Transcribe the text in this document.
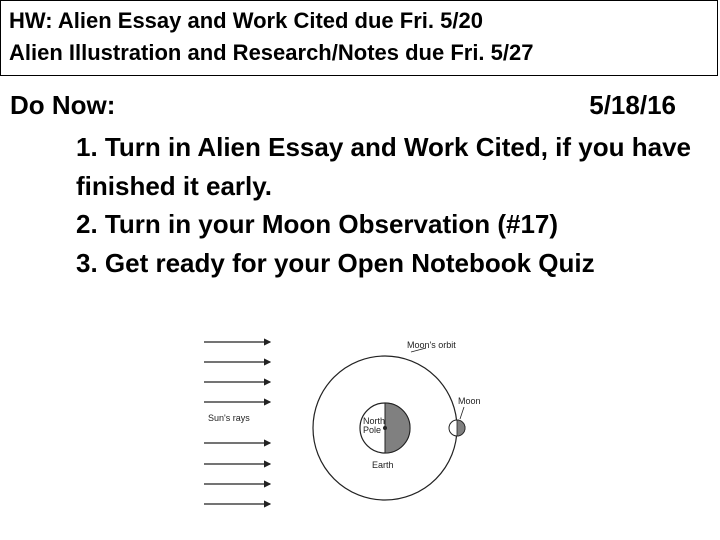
HW: Alien Essay and Work Cited due Fri. 5/20
Alien Illustration and Research/Notes due Fri. 5/27
Do Now:	5/18/16

1. Turn in Alien Essay and Work Cited, if you have finished it early.

2. Turn in your Moon Observation (#17)

3. Get ready for your Open Notebook Quiz

Sun's rays
Moon's orbit
North
Pole
Earth
Moon
